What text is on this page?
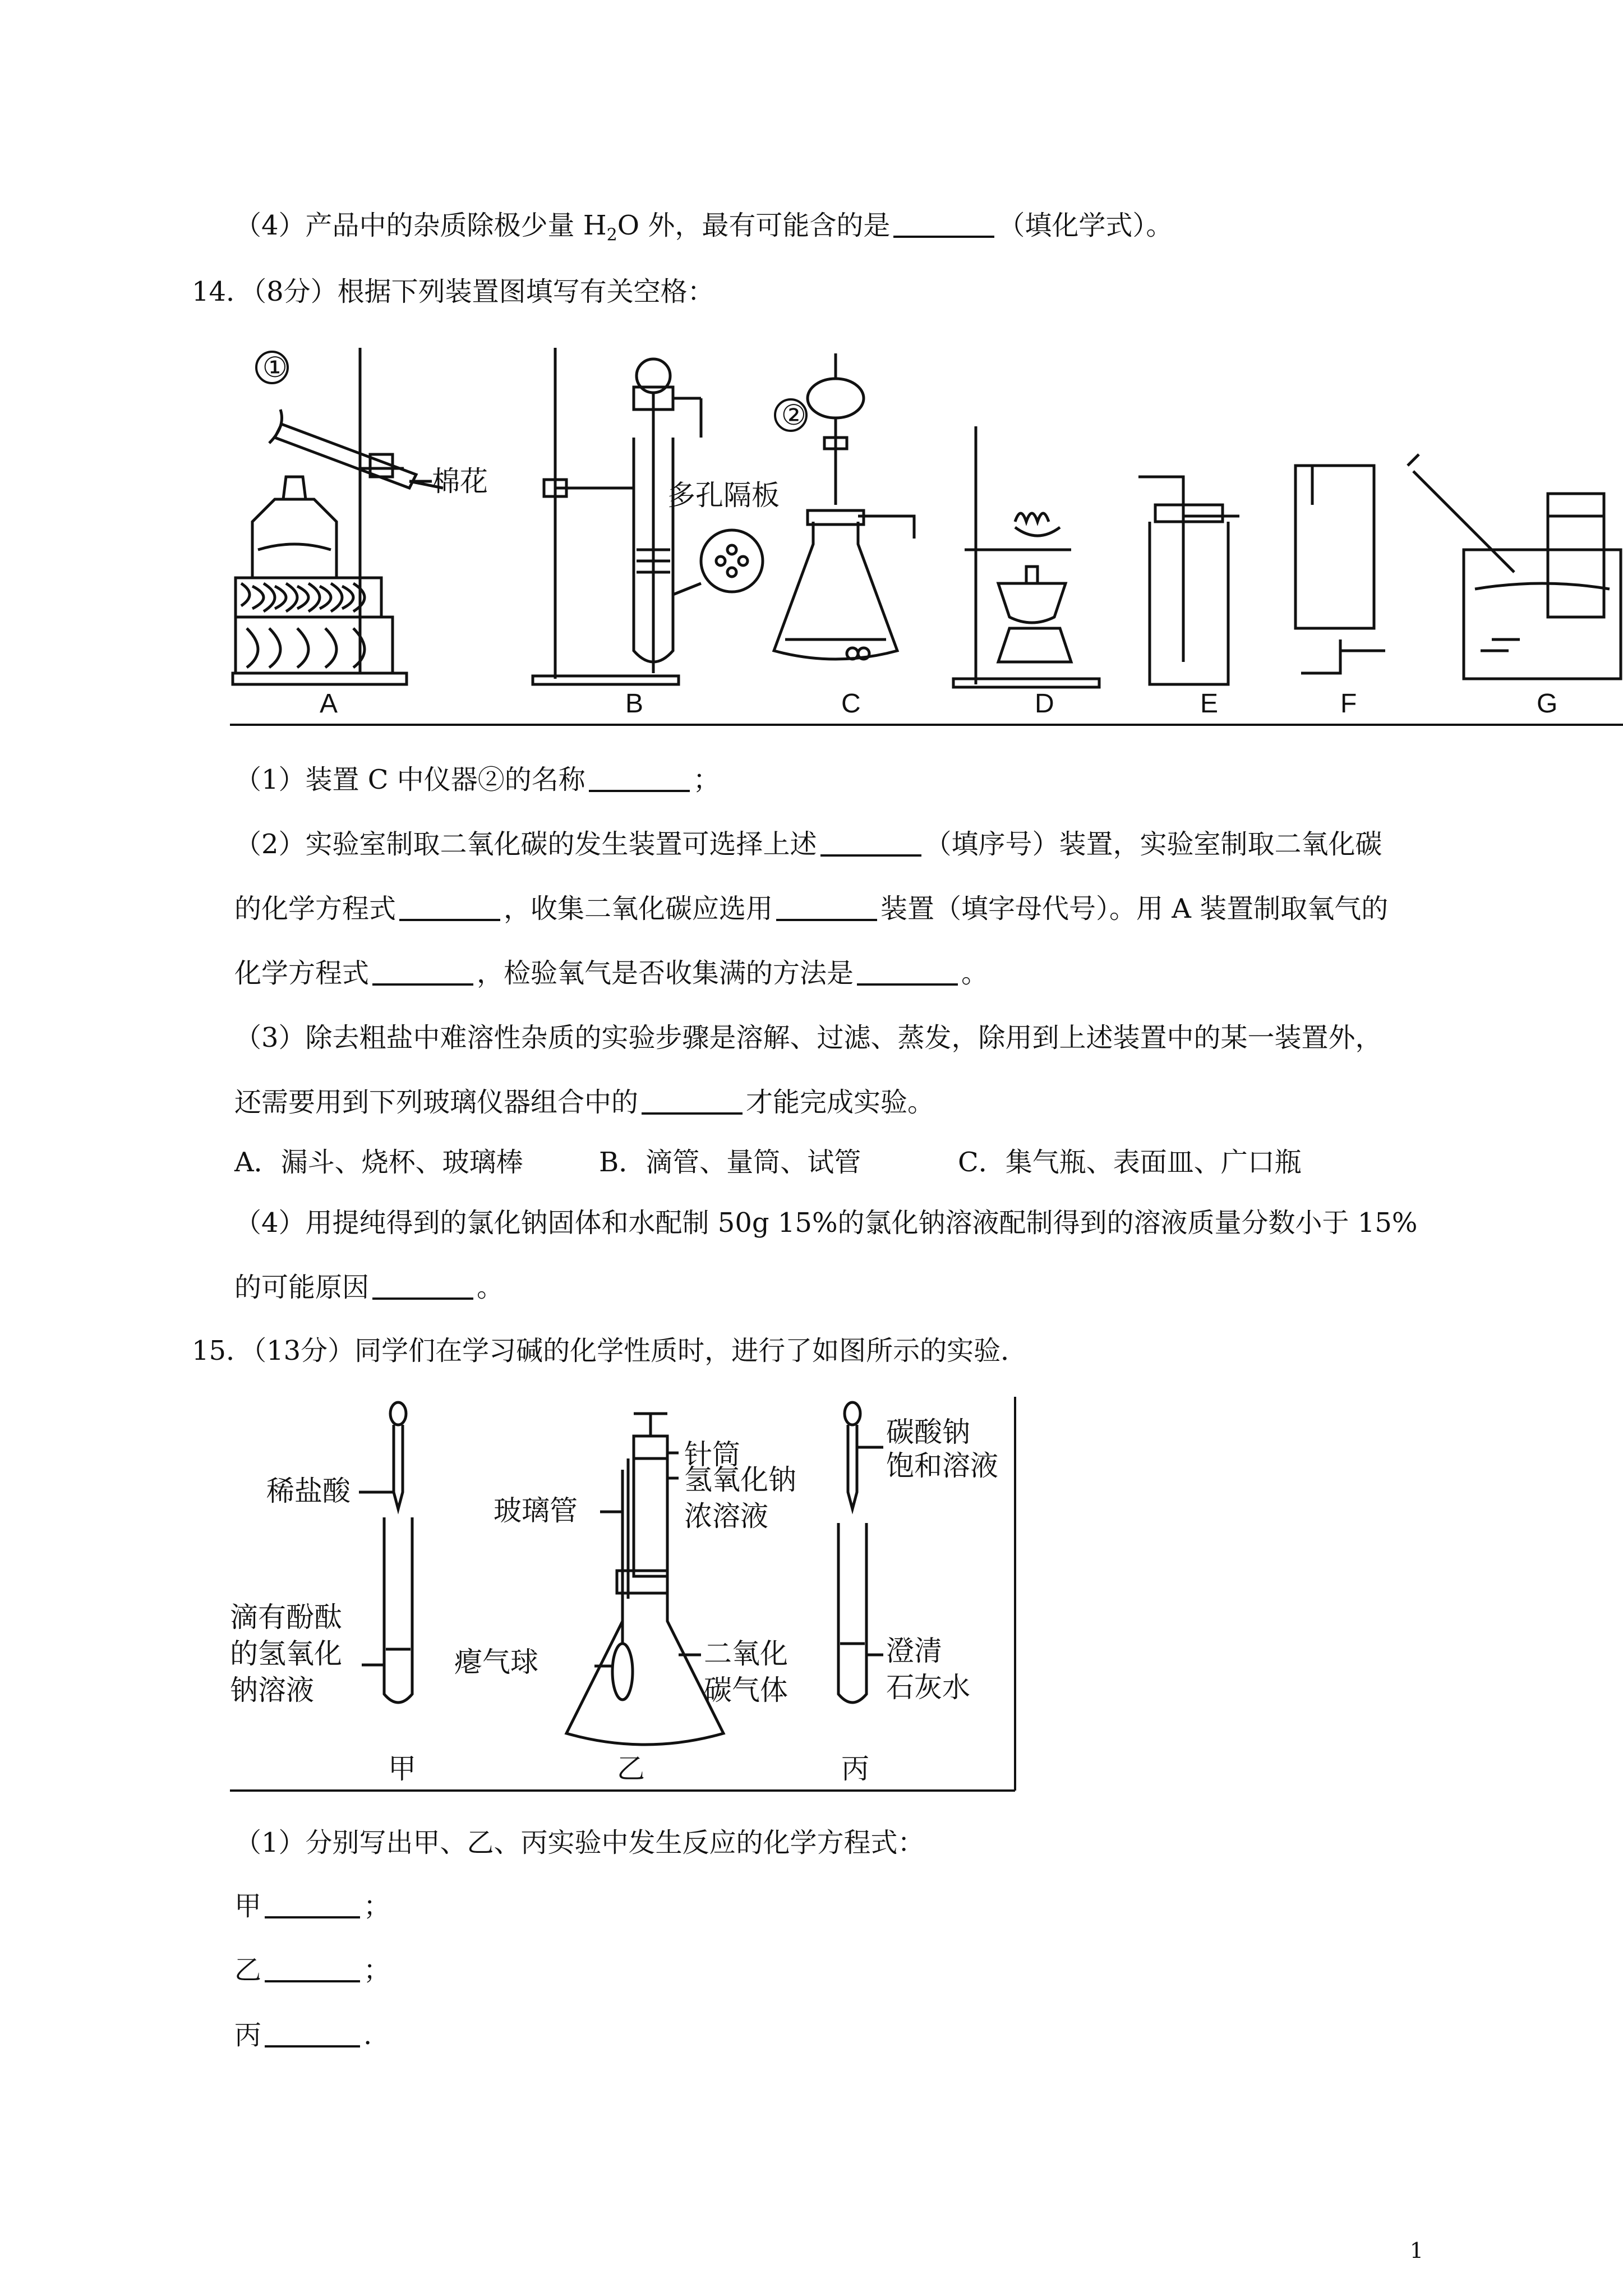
（4）产品中的杂质除极少量 $H_2O$ 外，最有可能含的是	（填化学式）。
14．（8分）根据下列装置图填写有关空格：
①
棉花	多孔隔板
②
A	B	C	D	E	F	G
（1）装置 C 中仪器②的名称	；
（2）实验室制取二氧化碳的发生装置可选择上述	（填序号）装置，实验室制取二氧化碳
的化学方程式	，收集二氧化碳应选用	装置（填字母代号）。用 A 装置制取氧气的
化学方程式	，检验氧气是否收集满的方法是	。
（3）除去粗盐中难溶性杂质的实验步骤是溶解、过滤、蒸发，除用到上述装置中的某一装置外，
还需要用到下列玻璃仪器组合中的	才能完成实验。
A．漏斗、烧杯、玻璃棒	B．滴管、量筒、试管	C．集气瓶、表面皿、广口瓶
（4）用提纯得到的氯化钠固体和水配制 50g 15%的氯化钠溶液配制得到的溶液质量分数小于 15%
的可能原因	。
15．（13分）同学们在学习碱的化学性质时，进行了如图所示的实验．
稀盐酸
滴有酚酞
的氢氧化
钠溶液
针筒
玻璃管
氢氧化钠
浓溶液
瘪气球	二氧化
碳气体
碳酸钠
饱和溶液
澄清
石灰水
甲	乙	丙
（1）分别写出甲、乙、丙实验中发生反应的化学方程式：
甲	；
乙	；
丙	.
1
